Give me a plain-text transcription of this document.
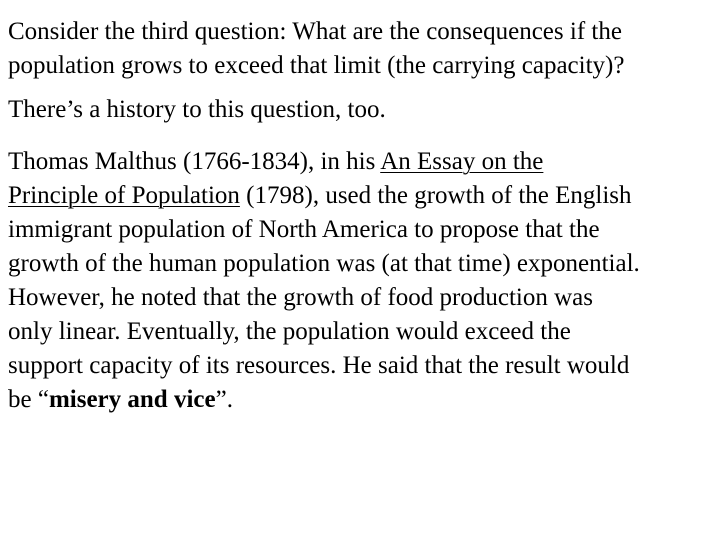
Consider the third question: What are the consequences if the
population grows to exceed that limit (the carrying capacity)?

There’s a history to this question, too.

Thomas Malthus (1766-1834), in his An Essay on the
Principle of Population (1798), used the growth of the English
immigrant population of North America to propose that the
growth of the human population was (at that time) exponential.
However, he noted that the growth of food production was
only linear. Eventually, the population would exceed the
support capacity of its resources. He said that the result would
be “misery and vice”.
